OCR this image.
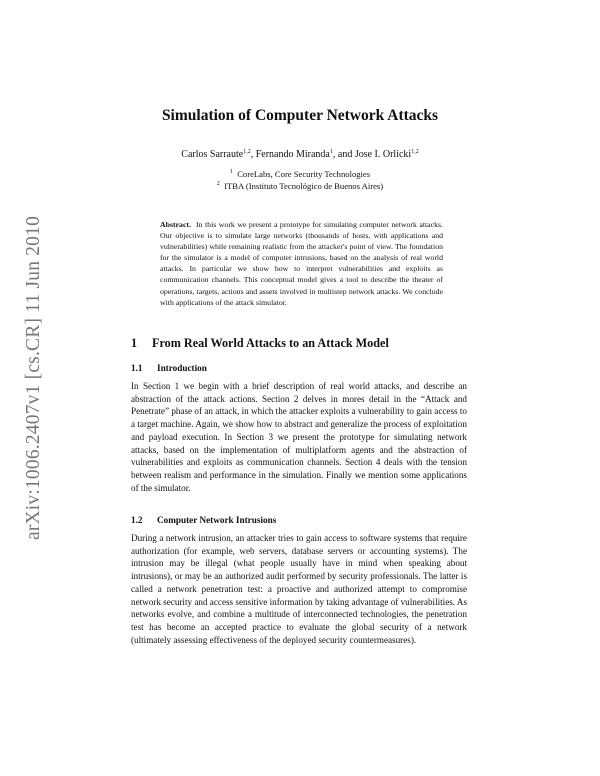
arXiv:1006.2407v1 [cs.CR] 11 Jun 2010
Simulation of Computer Network Attacks
Carlos Sarraute$^{1,2}$, Fernando Miranda$^1$, and Jose I. Orlicki$^{1,2}$
$^1$ CoreLabs, Core Security Technologies
$^2$ ITBA (Instituto Tecnológico de Buenos Aires)

Abstract. In this work we present a prototype for simulating computer network attacks. Our objective is to simulate large networks (thousands of hosts, with applications and vulnerabilities) while remaining realistic from the attacker's point of view. The foundation for the simulator is a model of computer intrusions, based on the analysis of real world attacks. In particular we show how to interpret vulnerabilities and exploits as communication channels. This conceptual model gives a tool to describe the theater of operations, targets, actions and assets involved in multistep network attacks. We conclude with applications of the attack simulator.

1 From Real World Attacks to an Attack Model
1.1 Introduction

In Section 1 we begin with a brief description of real world attacks, and describe an abstraction of the attack actions. Section 2 delves in mores detail in the “Attack and Penetrate” phase of an attack, in which the attacker exploits a vulnerability to gain access to a target machine. Again, we show how to abstract and generalize the process of exploitation and payload execution. In Section 3 we present the prototype for simulating network attacks, based on the implementation of multiplatform agents and the abstraction of vulnerabilities and exploits as communication channels. Section 4 deals with the tension between realism and performance in the simulation. Finally we mention some applications of the simulator.

1.2 Computer Network Intrusions

During a network intrusion, an attacker tries to gain access to software systems that require authorization (for example, web servers, database servers or accounting systems). The intrusion may be illegal (what people usually have in mind when speaking about intrusions), or may be an authorized audit performed by security professionals. The latter is called a network penetration test: a proactive and authorized attempt to compromise network security and access sensitive information by taking advantage of vulnerabilities. As networks evolve, and combine a multitude of interconnected technologies, the penetration test has become an accepted practice to evaluate the global security of a network (ultimately assessing effectiveness of the deployed security countermeasures).
